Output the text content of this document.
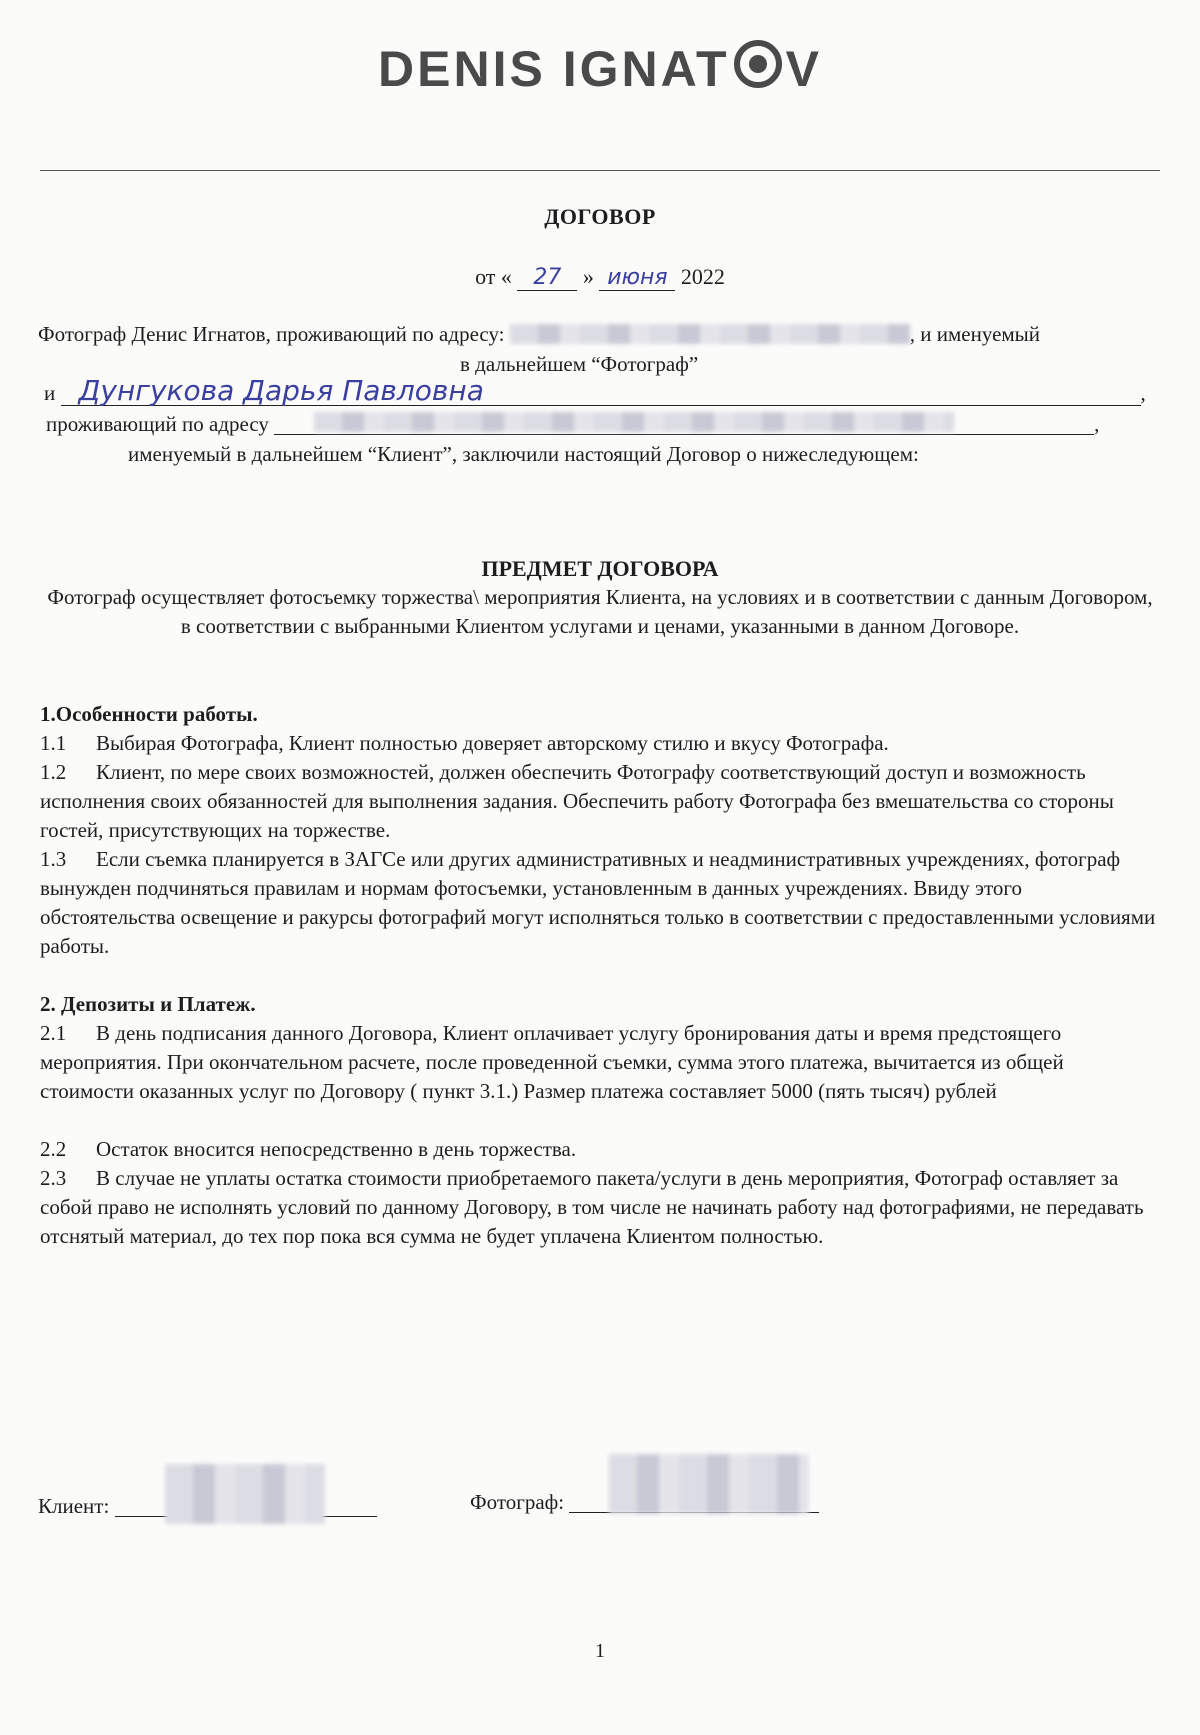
DENIS IGNAT V
ДОГОВОР
от « 27 » июня 2022
Фотограф Денис Игнатов, проживающий по адресу:	, и именуемый
в дальнейшем “Фотограф”
и Дунгукова Дарья Павловна	,
проживающий по адресу	,
именуемый в дальнейшем “Клиент”, заключили настоящий Договор о нижеследующем:
ПРЕДМЕТ ДОГОВОРА
Фотограф осуществляет фотосъемку торжества\ мероприятия Клиента, на условиях и в соответствии с данным Договором, в соответствии с выбранными Клиентом услугами и ценами, указанными в данном Договоре.
1.Особенности работы.
1.1 Выбирая Фотографа, Клиент полностью доверяет авторскому стилю и вкусу Фотографа.
1.2 Клиент, по мере своих возможностей, должен обеспечить Фотографу соответствующий доступ и возможность исполнения своих обязанностей для выполнения задания. Обеспечить работу Фотографа без вмешательства со стороны гостей, присутствующих на торжестве.
1.3 Если съемка планируется в ЗАГСе или других административных и неадминистративных учреждениях, фотограф вынужден подчиняться правилам и нормам фотосъемки, установленным в данных учреждениях. Ввиду этого обстоятельства освещение и ракурсы фотографий могут исполняться только в соответствии с предоставленными условиями работы.
2. Депозиты и Платеж.
2.1 В день подписания данного Договора, Клиент оплачивает услугу бронирования даты и время предстоящего мероприятия. При окончательном расчете, после проведенной съемки, сумма этого платежа, вычитается из общей стоимости оказанных услуг по Договору ( пункт 3.1.) Размер платежа составляет 5000 (пять тысяч) рублей
2.2 Остаток вносится непосредственно в день торжества.
2.3 В случае не уплаты остатка стоимости приобретаемого пакета/услуги в день мероприятия, Фотограф оставляет за собой право не исполнять условий по данному Договору, в том числе не начинать работу над фотографиями, не передавать отснятый материал, до тех пор пока вся сумма не будет уплачена Клиентом полностью.
Клиент:	Фотограф:
1
